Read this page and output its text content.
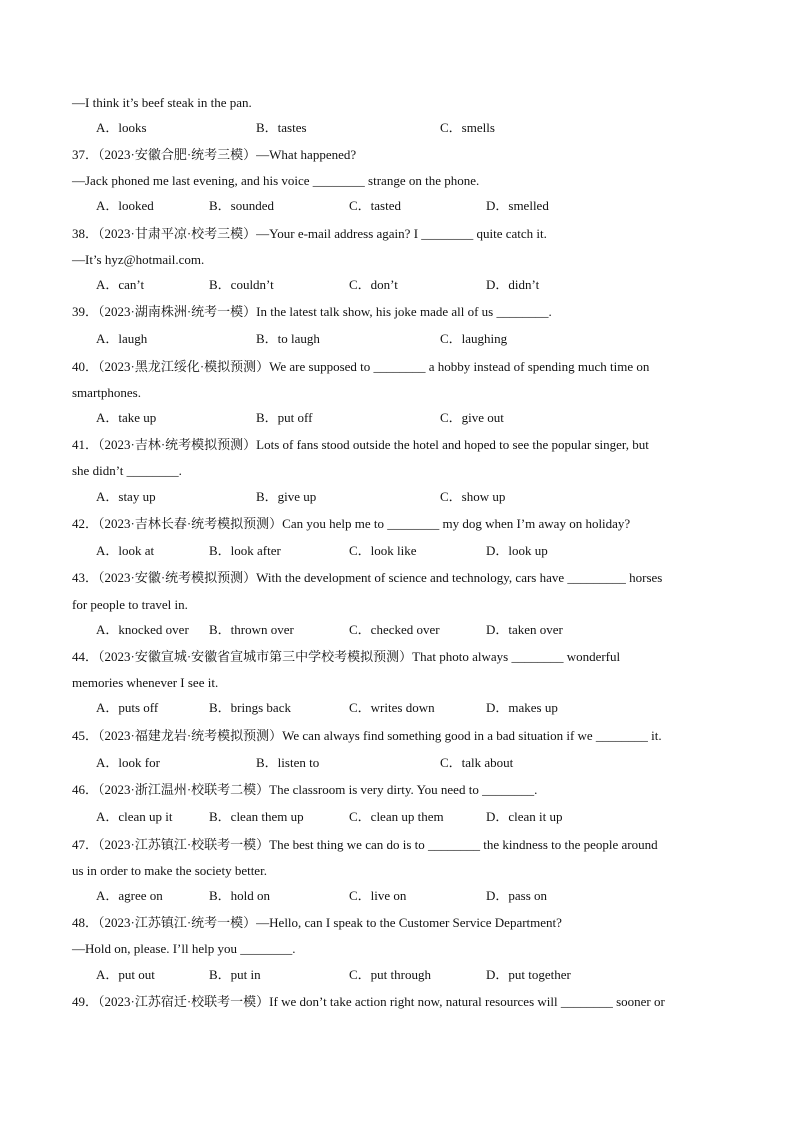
—I think it’s beef steak in the pan.
A．looks	B．tastes	C．smells
37．（2023·安徽合肥·统考三模）—What happened?
—Jack phoned me last evening, and his voice ________ strange on the phone.
A．looked	B．sounded	C．tasted	D．smelled
38．（2023·甘肃平凉·校考三模）—Your e-mail address again? I ________ quite catch it.
—It’s hyz@hotmail.com.
A．can’t	B．couldn’t	C．don’t	D．didn’t
39．（2023·湖南株洲·统考一模）In the latest talk show, his joke made all of us ________.
A．laugh	B．to laugh	C．laughing
40．（2023·黑龙江绥化·模拟预测）We are supposed to ________ a hobby instead of spending much time on
smartphones.
A．take up	B．put off	C．give out
41．（2023·吉林·统考模拟预测）Lots of fans stood outside the hotel and hoped to see the popular singer, but
she didn’t ________.
A．stay up	B．give up	C．show up
42．（2023·吉林长春·统考模拟预测）Can you help me to ________ my dog when I’m away on holiday?
A．look at	B．look after	C．look like	D．look up
43．（2023·安徽·统考模拟预测）With the development of science and technology, cars have _________ horses
for people to travel in.
A．knocked over B．thrown over	C．checked over	D．taken over
44．（2023·安徽宣城·安徽省宣城市第三中学校考模拟预测）That photo always ________ wonderful
memories whenever I see it.
A．puts off	B．brings back	C．writes down	D．makes up
45．（2023·福建龙岩·统考模拟预测）We can always find something good in a bad situation if we ________ it.
A．look for	B．listen to	C．talk about
46．（2023·浙江温州·校联考二模）The classroom is very dirty. You need to ________.
A．clean up it	B．clean them up	C．clean up them	D．clean it up
47．（2023·江苏镇江·校联考一模）The best thing we can do is to ________ the kindness to the people around
us in order to make the society better.
A．agree on	B．hold on	C．live on	D．pass on
48．（2023·江苏镇江·统考一模）—Hello, can I speak to the Customer Service Department?
—Hold on, please. I’ll help you ________.
A．put out	B．put in	C．put through	D．put together
49．（2023·江苏宿迁·校联考一模）If we don’t take action right now, natural resources will ________ sooner or
